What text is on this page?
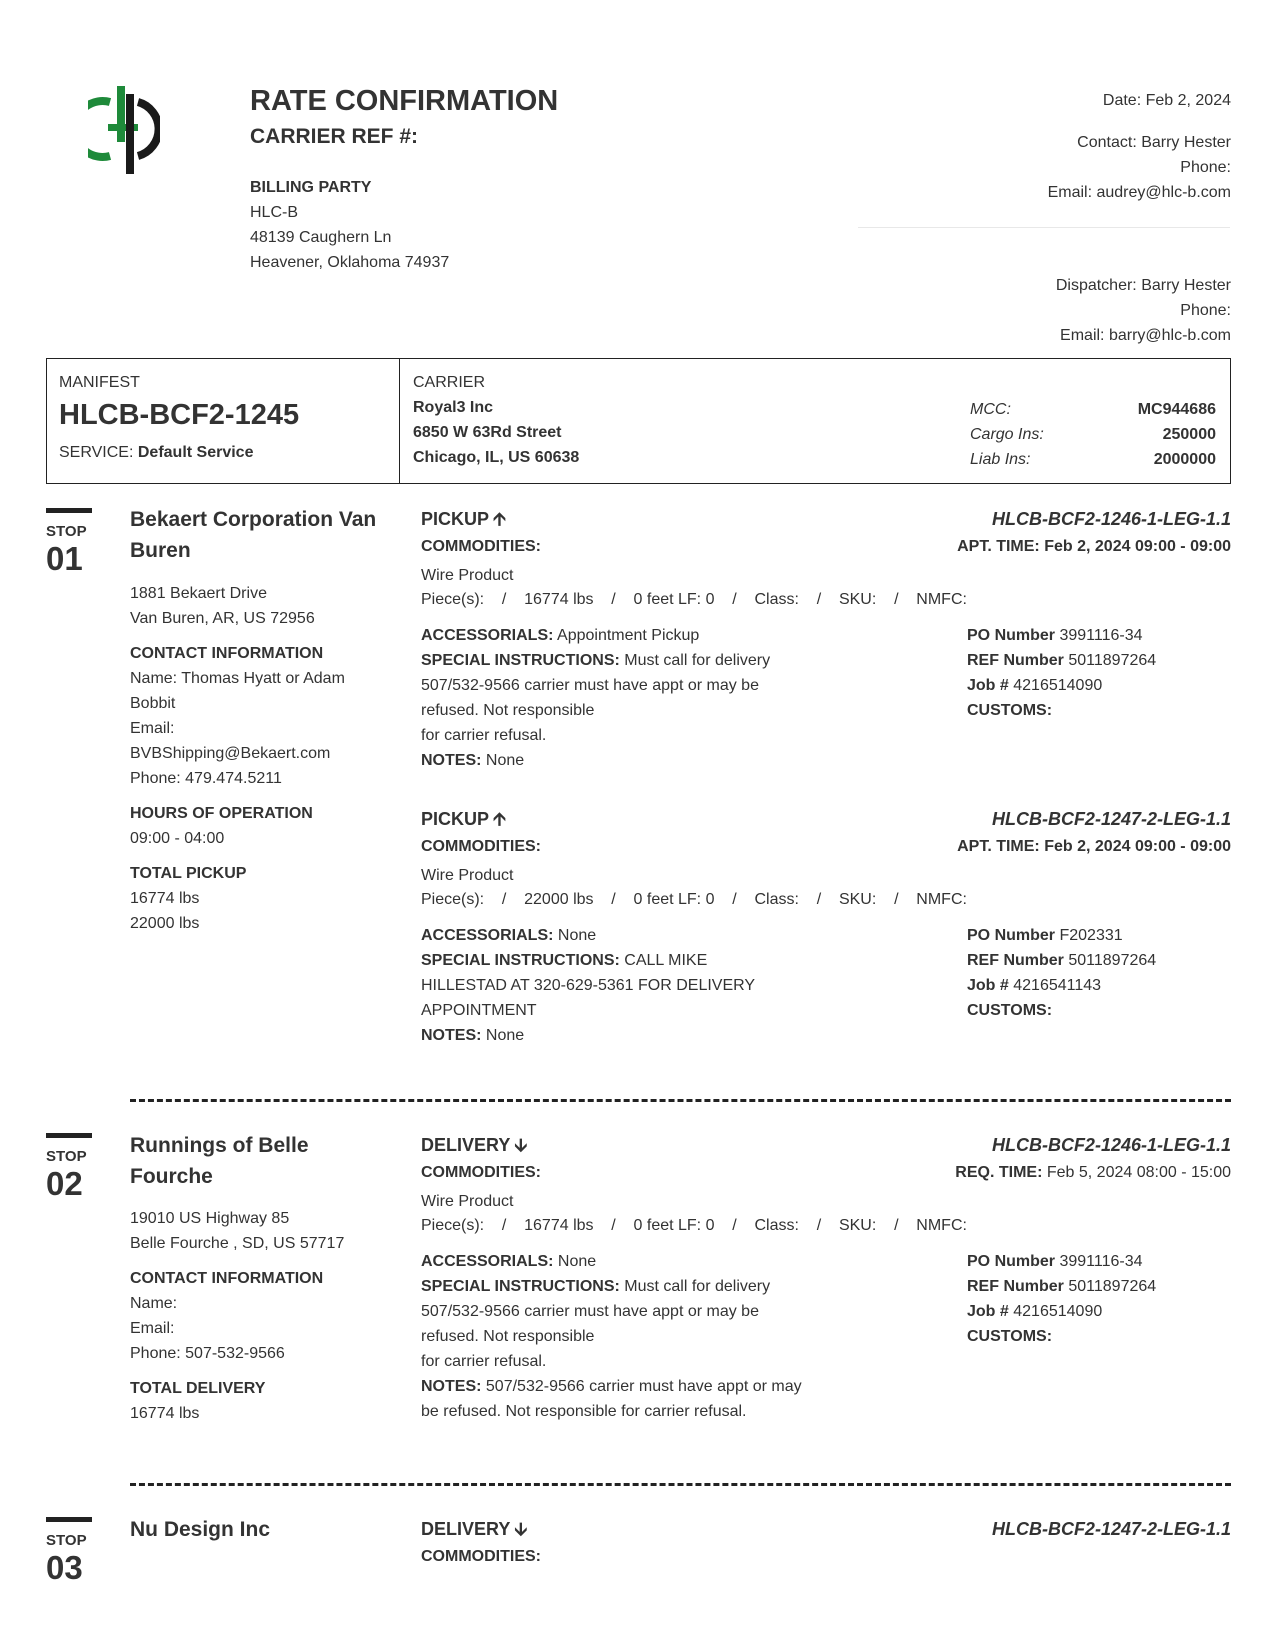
RATE CONFIRMATION
CARRIER REF #:
BILLING PARTY
HLC-B
48139 Caughern Ln
Heavener, Oklahoma 74937
Date: Feb 2, 2024
Contact: Barry Hester
Phone:
Email: audrey@hlc-b.com
Dispatcher: Barry Hester
Phone:
Email: barry@hlc-b.com
MANIFEST
HLCB-BCF2-1245
SERVICE: Default Service
CARRIER
Royal3 Inc
6850 W 63Rd Street
Chicago, IL, US 60638
MCC:	MC944686
Cargo Ins:	250000
Liab Ins:	2000000
STOP
01
Bekaert Corporation Van Buren
1881 Bekaert Drive
Van Buren, AR, US 72956
CONTACT INFORMATION
Name: Thomas Hyatt or Adam Bobbit
Email:
BVBShipping@Bekaert.com
Phone: 479.474.5211
HOURS OF OPERATION
09:00 - 04:00
TOTAL PICKUP
16774 lbs
22000 lbs
PICKUP 🡩	HLCB-BCF2-1246-1-LEG-1.1
COMMODITIES:	APT. TIME: Feb 2, 2024 09:00 - 09:00
Wire Product
Piece(s):    /    16774 lbs    /    0 feet LF: 0    /    Class:    /    SKU:    /    NMFC:
ACCESSORIALS: Appointment Pickup
SPECIAL INSTRUCTIONS: Must call for delivery 507/532-9566 carrier must have appt or may be refused. Not responsible
for carrier refusal.
NOTES: None
PO Number 3991116-34
REF Number 5011897264
Job # 4216514090
CUSTOMS:
PICKUP 🡩	HLCB-BCF2-1247-2-LEG-1.1
COMMODITIES:	APT. TIME: Feb 2, 2024 09:00 - 09:00
Wire Product
Piece(s):    /    22000 lbs    /    0 feet LF: 0    /    Class:    /    SKU:    /    NMFC:
ACCESSORIALS: None
SPECIAL INSTRUCTIONS: CALL MIKE HILLESTAD AT 320-629-5361 FOR DELIVERY APPOINTMENT
NOTES: None
PO Number F202331
REF Number 5011897264
Job # 4216541143
CUSTOMS:
STOP
02
Runnings of Belle Fourche
19010 US Highway 85
Belle Fourche , SD, US 57717
CONTACT INFORMATION
Name:
Email:
Phone: 507-532-9566
TOTAL DELIVERY
16774 lbs
DELIVERY 🡫	HLCB-BCF2-1246-1-LEG-1.1
COMMODITIES:	REQ. TIME: Feb 5, 2024 08:00 - 15:00
Wire Product
Piece(s):    /    16774 lbs    /    0 feet LF: 0    /    Class:    /    SKU:    /    NMFC:
ACCESSORIALS: None
SPECIAL INSTRUCTIONS: Must call for delivery 507/532-9566 carrier must have appt or may be refused. Not responsible
for carrier refusal.
NOTES: 507/532-9566 carrier must have appt or may be refused. Not responsible for carrier refusal.
PO Number 3991116-34
REF Number 5011897264
Job # 4216514090
CUSTOMS:
STOP
03
Nu Design Inc	DELIVERY 🡫	HLCB-BCF2-1247-2-LEG-1.1
COMMODITIES:
